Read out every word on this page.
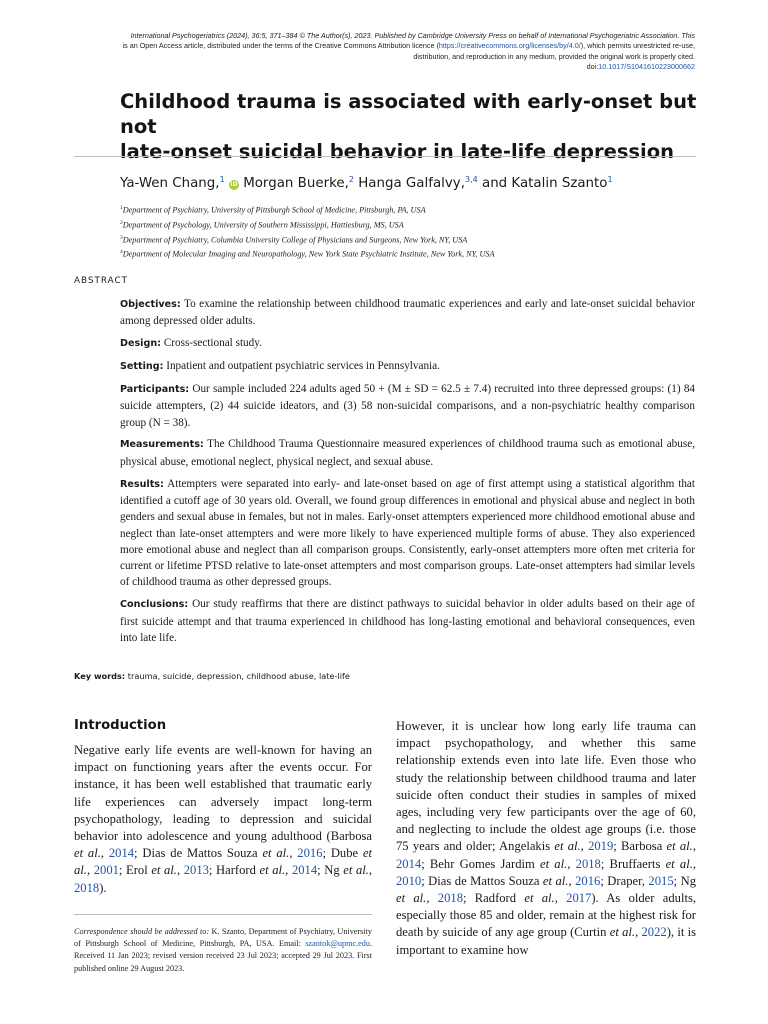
International Psychogeriatrics (2024), 36:5, 371–384 © The Author(s), 2023. Published by Cambridge University Press on behalf of International Psychogeriatric Association. This
is an Open Access article, distributed under the terms of the Creative Commons Attribution licence (https://creativecommons.org/licenses/by/4.0/), which permits unrestricted re-use,
distribution, and reproduction in any medium, provided the original work is properly cited.
doi:10.1017/S1041610223000662
Childhood trauma is associated with early-onset but not
late-onset suicidal behavior in late-life depression
Ya-Wen Chang,$^1$ iD Morgan Buerke,$^2$ Hanga Galfalvy,$^{3,4}$ and Katalin Szanto$^1$
$^1$Department of Psychiatry, University of Pittsburgh School of Medicine, Pittsburgh, PA, USA
$^2$Department of Psychology, University of Southern Mississippi, Hattiesburg, MS, USA
$^3$Department of Psychiatry, Columbia University College of Physicians and Surgeons, New York, NY, USA
$^4$Department of Molecular Imaging and Neuropathology, New York State Psychiatric Institute, New York, NY, USA
ABSTRACT

Objectives: To examine the relationship between childhood traumatic experiences and early and late-onset suicidal behavior among depressed older adults.

Design: Cross-sectional study.

Setting: Inpatient and outpatient psychiatric services in Pennsylvania.

Participants: Our sample included 224 adults aged 50 + (M ± SD = 62.5 ± 7.4) recruited into three depressed groups: (1) 84 suicide attempters, (2) 44 suicide ideators, and (3) 58 non-suicidal comparisons, and a non-psychiatric healthy comparison group (N = 38).

Measurements: The Childhood Trauma Questionnaire measured experiences of childhood trauma such as emotional abuse, physical abuse, emotional neglect, physical neglect, and sexual abuse.

Results: Attempters were separated into early- and late-onset based on age of first attempt using a statistical algorithm that identified a cutoff age of 30 years old. Overall, we found group differences in emotional and physical abuse and neglect in both genders and sexual abuse in females, but not in males. Early-onset attempters experienced more childhood emotional abuse and neglect than late-onset attempters and were more likely to have experienced multiple forms of abuse. They also experienced more emotional abuse and neglect than all comparison groups. Consistently, early-onset attempters more often met criteria for current or lifetime PTSD relative to late-onset attempters and most comparison groups. Late-onset attempters had similar levels of childhood trauma as other depressed groups.

Conclusions: Our study reaffirms that there are distinct pathways to suicidal behavior in older adults based on their age of first suicide attempt and that trauma experienced in childhood has long-lasting emotional and behavioral consequences, even into late life.

Key words: trauma, suicide, depression, childhood abuse, late-life
Introduction

Negative early life events are well-known for having an impact on functioning years after the events occur. For instance, it has been well established that traumatic early life experiences can adversely impact long-term psychopathology, leading to depression and suicidal behavior into adolescence and young adulthood (Barbosa et al., 2014; Dias de Mattos Souza et al., 2016; Dube et al., 2001; Erol et al., 2013; Harford et al., 2014; Ng et al., 2018).

Correspondence should be addressed to: K. Szanto, Department of Psychiatry, University of Pittsburgh School of Medicine, Pittsburgh, PA, USA. Email: szantok@upmc.edu. Received 11 Jan 2023; revised version received 23 Jul 2023; accepted 29 Jul 2023. First published online 29 August 2023.

However, it is unclear how long early life trauma can impact psychopathology, and whether this same relationship extends even into late life. Even those who study the relationship between childhood trauma and later suicide often conduct their studies in samples of mixed ages, including very few participants over the age of 60, and neglecting to include the oldest age groups (i.e. those 75 years and older; Angelakis et al., 2019; Barbosa et al., 2014; Behr Gomes Jardim et al., 2018; Bruffaerts et al., 2010; Dias de Mattos Souza et al., 2016; Draper, 2015; Ng et al., 2018; Radford et al., 2017). As older adults, especially those 85 and older, remain at the highest risk for death by suicide of any age group (Curtin et al., 2022), it is important to examine how
